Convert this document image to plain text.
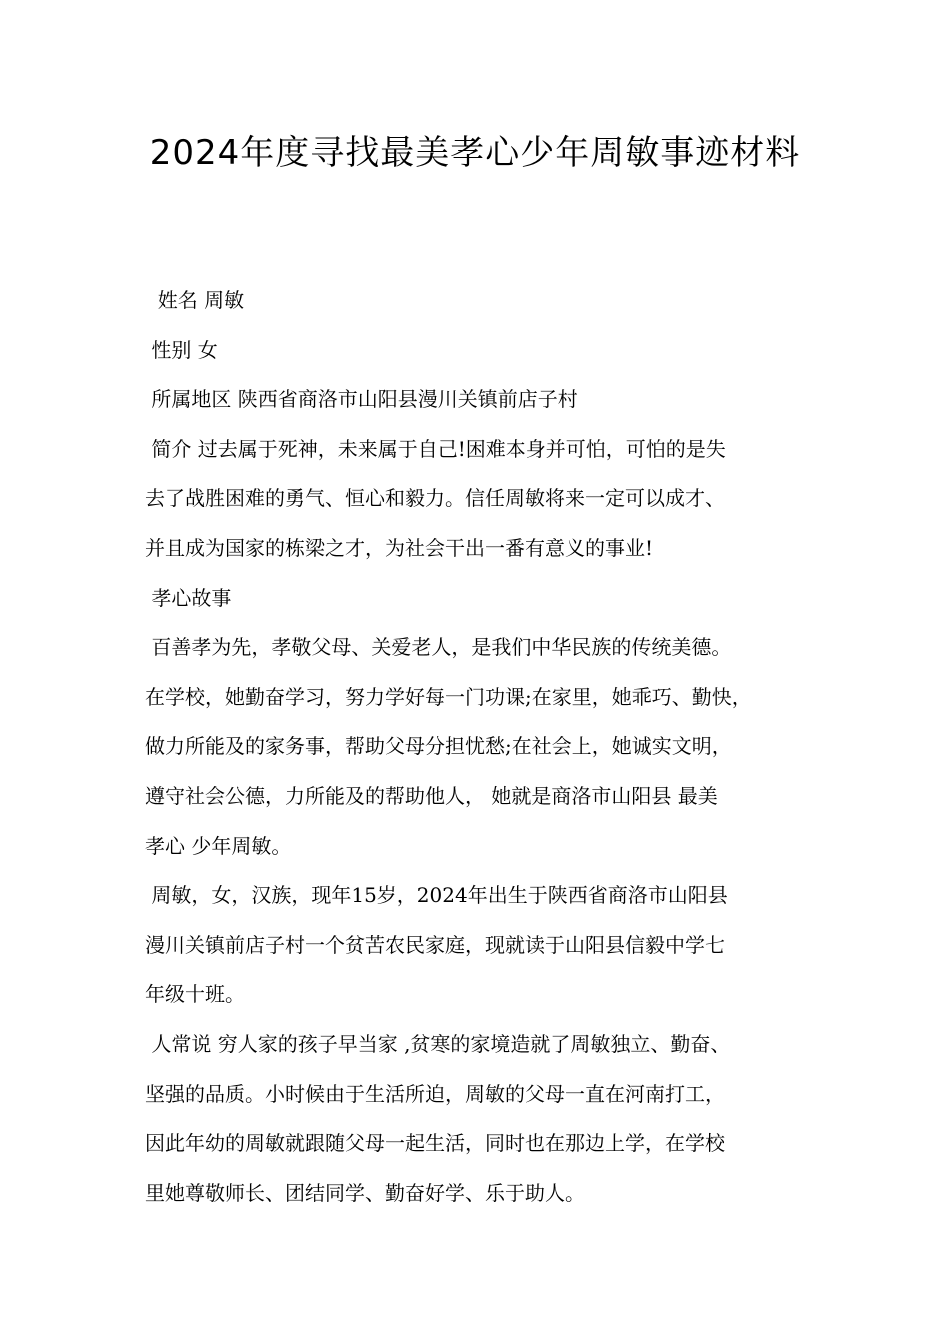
2024年度寻找最美孝心少年周敏事迹材料

姓名 周敏

性别 女

所属地区 陕西省商洛市山阳县漫川关镇前店子村

简介 过去属于死神，未来属于自己!困难本身并可怕，可怕的是失

去了战胜困难的勇气、恒心和毅力。信任周敏将来一定可以成才、

并且成为国家的栋梁之才，为社会干出一番有意义的事业!

孝心故事

百善孝为先，孝敬父母、关爱老人，是我们中华民族的传统美德。

在学校，她勤奋学习，努力学好每一门功课;在家里，她乖巧、勤快，

做力所能及的家务事，帮助父母分担忧愁;在社会上，她诚实文明，

遵守社会公德，力所能及的帮助他人， 她就是商洛市山阳县 最美

孝心 少年周敏。

周敏，女，汉族，现年15岁，2024年出生于陕西省商洛市山阳县

漫川关镇前店子村一个贫苦农民家庭，现就读于山阳县信毅中学七

年级十班。

人常说 穷人家的孩子早当家 ,贫寒的家境造就了周敏独立、勤奋、

坚强的品质。小时候由于生活所迫，周敏的父母一直在河南打工，

因此年幼的周敏就跟随父母一起生活，同时也在那边上学，在学校

里她尊敬师长、团结同学、勤奋好学、乐于助人。
